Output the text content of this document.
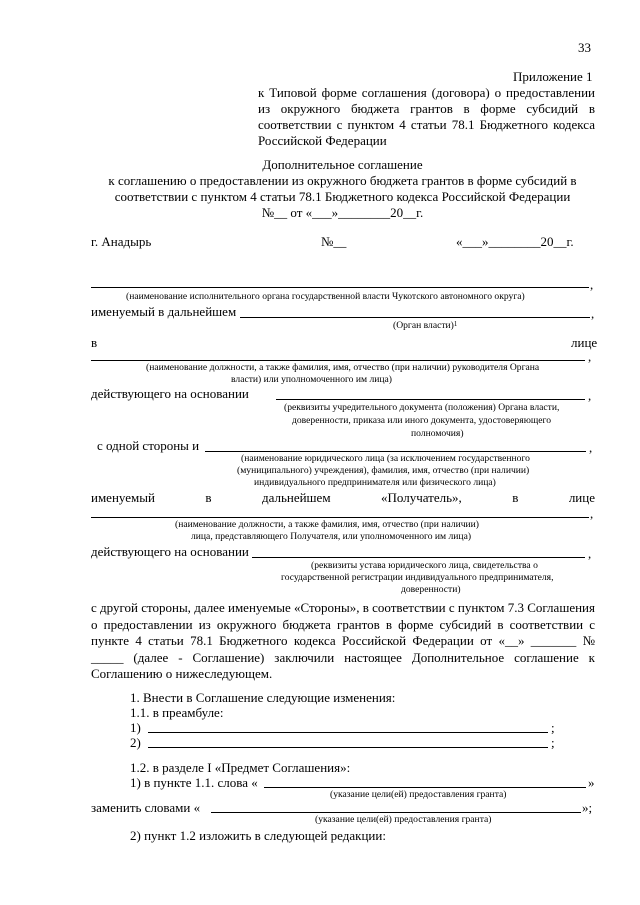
33
Приложение 1
к Типовой форме соглашения (договора) о предоставлении
из окружного бюджета грантов в форме субсидий в
соответствии с пунктом 4 статьи 78.1 Бюджетного кодекса
Российской Федерации
Дополнительное соглашение
к соглашению о предоставлении из окружного бюджета грантов в форме субсидий в
соответствии с пунктом 4 статьи 78.1 Бюджетного кодекса Российской Федерации
№__ от «___»________20__г.
г. Анадырь	№__	«___»________20__г.
,
(наименование исполнительного органа государственной власти Чукотского автономного округа)
именуемый в дальнейшем	,
(Орган власти)$^1$
в	лице
,
(наименование должности, а также фамилия, имя, отчество (при наличии) руководителя Органа
власти) или уполномоченного им лица)
действующего на основании	,
(реквизиты учредительного документа (положения) Органа власти,
доверенности, приказа или иного документа, удостоверяющего
полномочия)
с одной стороны и	,
(наименование юридического лица (за исключением государственного
(муниципального) учреждения), фамилия, имя, отчество (при наличии)
индивидуального предпринимателя или физического лица)
именуемый	в	дальнейшем	«Получатель»,	в	лице
,
(наименование должности, а также фамилия, имя, отчество (при наличии)
лица, представляющего Получателя, или уполномоченного им лица)
действующего на основании	,
(реквизиты устава юридического лица, свидетельства о
государственной регистрации индивидуального предпринимателя,
доверенности)
с другой стороны, далее именуемые «Стороны», в соответствии с пунктом 7.3 Соглашения
о предоставлении из окружного бюджета грантов в форме субсидий в соответствии с
пункте 4 статьи 78.1 Бюджетного кодекса Российской Федерации от «__» _______ №
_____ (далее - Соглашение) заключили настоящее Дополнительное соглашение к
Соглашению о нижеследующем.
1. Внести в Соглашение следующие изменения:
1.1. в преамбуле:
1)	;
2)	;
1.2. в разделе I «Предмет Соглашения»:
1) в пункте 1.1. слова «	»
(указание цели(ей) предоставления гранта)
заменить словами «	»;
(указание цели(ей) предоставления гранта)
2) пункт 1.2 изложить в следующей редакции:
